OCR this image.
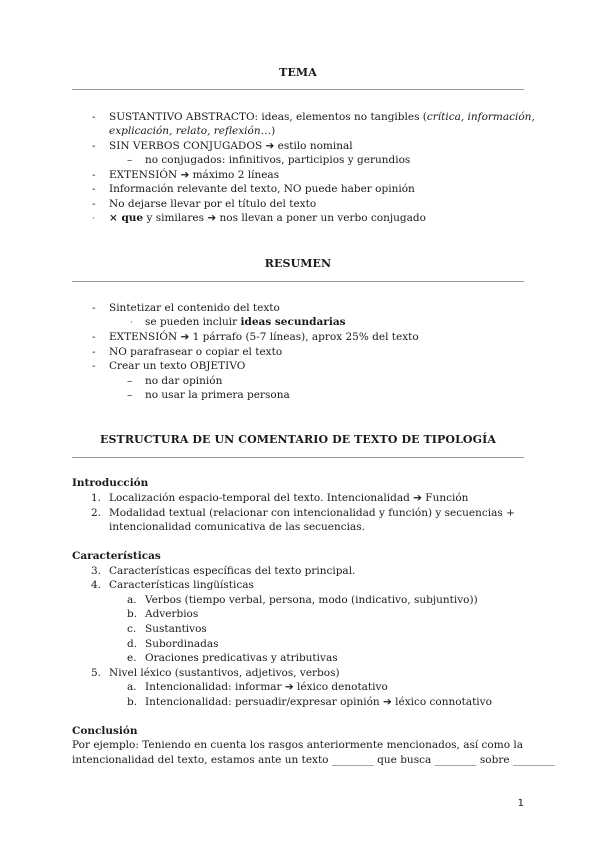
TEMA
- SUSTANTIVO ABSTRACTO: ideas, elementos no tangibles (crítica, información,
explicación, relato, reflexión…)
- SIN VERBOS CONJUGADOS ➔ estilo nominal
– no conjugados: infinitivos, participios y gerundios
- EXTENSIÓN ➔ máximo 2 líneas
- Información relevante del texto, NO puede haber opinión
- No dejarse llevar por el título del texto
· × que y similares ➔ nos llevan a poner un verbo conjugado
RESUMEN
- Sintetizar el contenido del texto
· se pueden incluir ideas secundarias
- EXTENSIÓN ➔ 1 párrafo (5-7 líneas), aprox 25% del texto
- NO parafrasear o copiar el texto
- Crear un texto OBJETIVO
– no dar opinión
– no usar la primera persona
ESTRUCTURA DE UN COMENTARIO DE TEXTO DE TIPOLOGÍA
Introducción
1. Localización espacio-temporal del texto. Intencionalidad ➔ Función
2. Modalidad textual (relacionar con intencionalidad y función) y secuencias +
intencionalidad comunicativa de las secuencias.
Características
3. Características específicas del texto principal.
4. Características lingüísticas
a. Verbos (tiempo verbal, persona, modo (indicativo, subjuntivo))
b. Adverbios
c. Sustantivos
d. Subordinadas
e. Oraciones predicativas y atributivas
5. Nivel léxico (sustantivos, adjetivos, verbos)
a. Intencionalidad: informar ➔ léxico denotativo
b. Intencionalidad: persuadir/expresar opinión ➔ léxico connotativo
Conclusión
Por ejemplo: Teniendo en cuenta los rasgos anteriormente mencionados, así como la
intencionalidad del texto, estamos ante un texto ________ que busca ________ sobre ________
1
